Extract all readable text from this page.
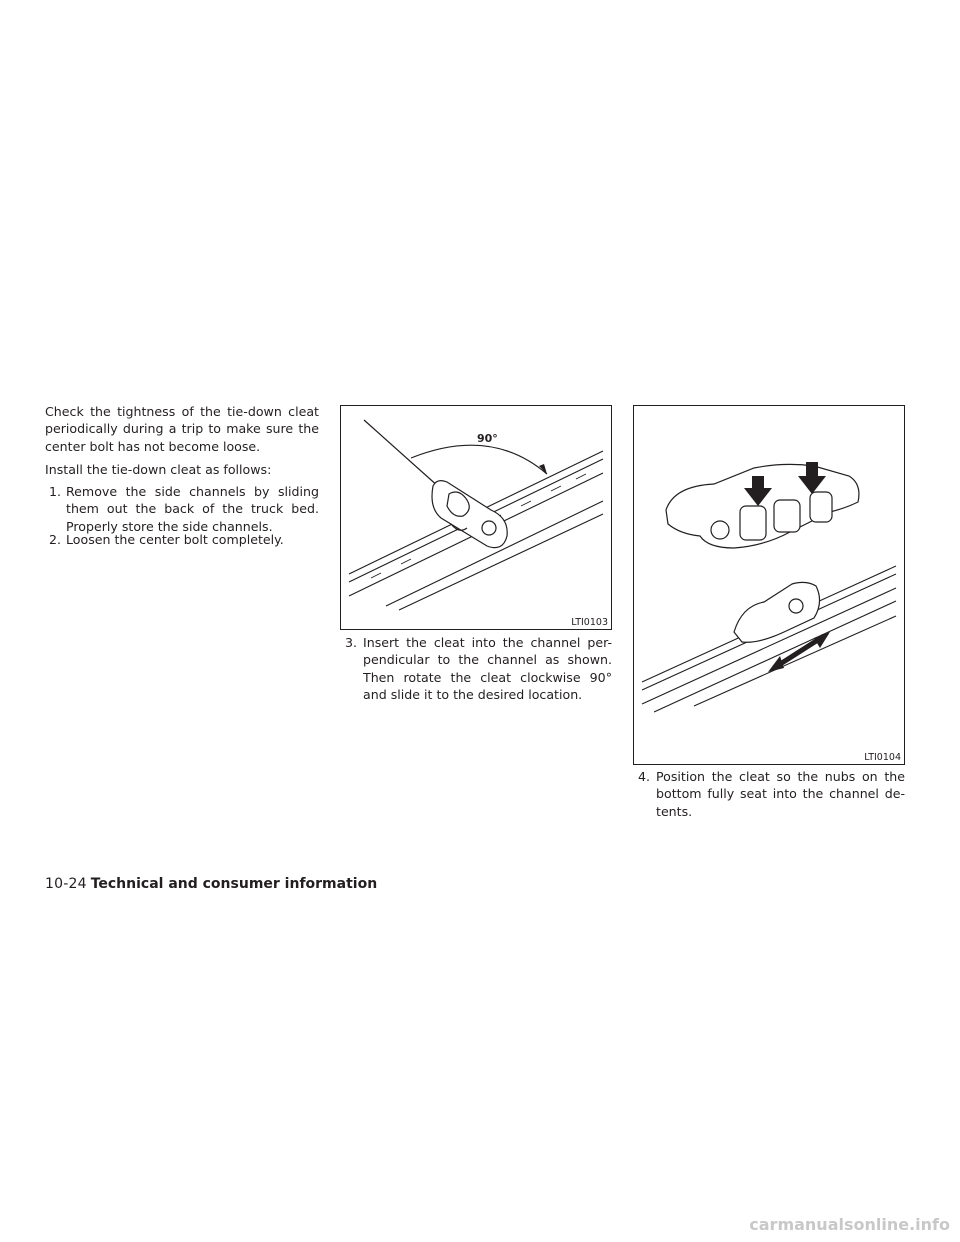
Check the tightness of the tie-down cleat periodically during a trip to make sure the center bolt has not become loose.

Install the tie-down cleat as follows:

1. Remove the side channels by sliding them out the back of the truck bed. Properly store the side channels.
2. Loosen the center bolt completely.
90°
LTI0103
3. Insert the cleat into the channel per-pendicular to the channel as shown. Then rotate the cleat clockwise 90° and slide it to the desired location.
LTI0104
4. Position the cleat so the nubs on the bottom fully seat into the channel de-tents.
10-24 Technical and consumer information
carmanualsonline.info
